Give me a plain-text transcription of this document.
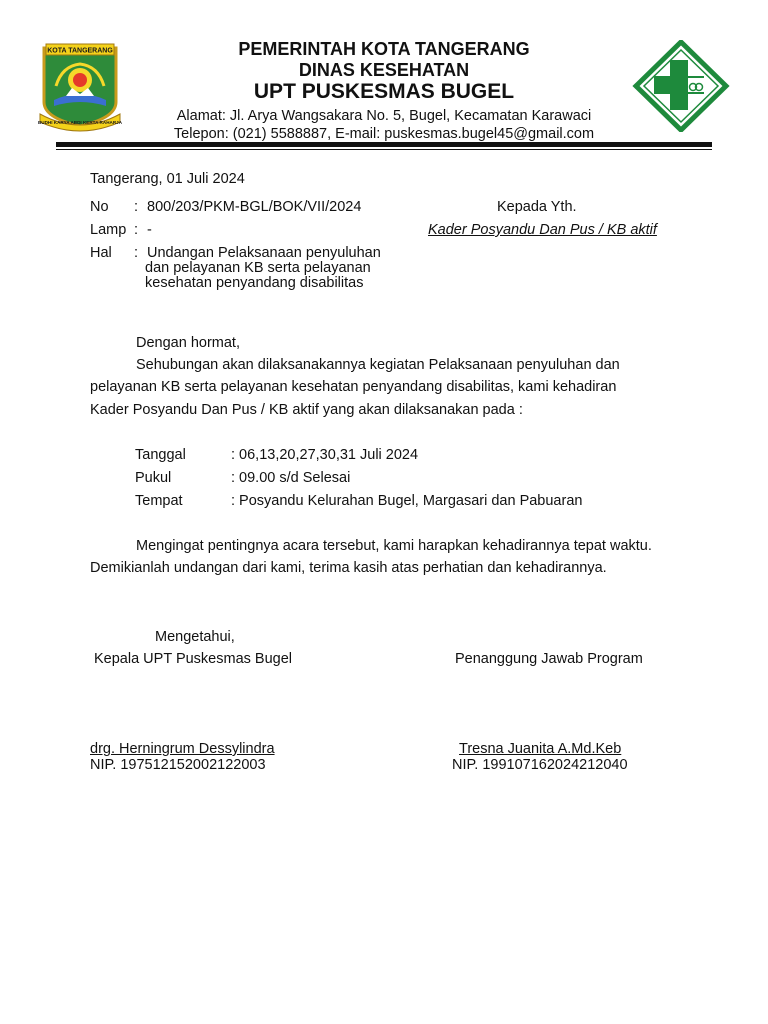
KOTA TANGERANG
BUDHI KARYA ABDI KERTA RAHARJA
PEMERINTAH KOTA TANGERANG
DINAS KESEHATAN
UPT PUSKESMAS BUGEL
Alamat: Jl. Arya Wangsakara No. 5, Bugel, Kecamatan Karawaci
Telepon: (021) 5588887, E-mail: puskesmas.bugel45@gmail.com
Tangerang, 01 Juli 2024
No : 800/203/PKM-BGL/BOK/VII/2024
Lamp : -
Hal : Undangan Pelaksanaan penyuluhan
dan pelayanan KB serta pelayanan
kesehatan penyandang disabilitas
Kepada Yth.
Kader Posyandu Dan Pus / KB aktif
Dengan hormat,
Sehubungan akan dilaksanakannya kegiatan Pelaksanaan penyuluhan dan
pelayanan KB serta pelayanan kesehatan penyandang disabilitas, kami kehadiran
Kader Posyandu Dan Pus / KB aktif yang akan dilaksanakan pada :
Tanggal	: 06,13,20,27,30,31 Juli 2024
Pukul	: 09.00 s/d Selesai
Tempat	: Posyandu Kelurahan Bugel, Margasari dan Pabuaran
Mengingat pentingnya acara tersebut, kami harapkan kehadirannya tepat waktu.
Demikianlah undangan dari kami, terima kasih atas perhatian dan kehadirannya.
Mengetahui,
Kepala UPT Puskesmas Bugel	Penanggung Jawab Program
drg. Herningrum Dessylindra
NIP. 197512152002122003
Tresna Juanita A.Md.Keb
NIP. 199107162024212040
